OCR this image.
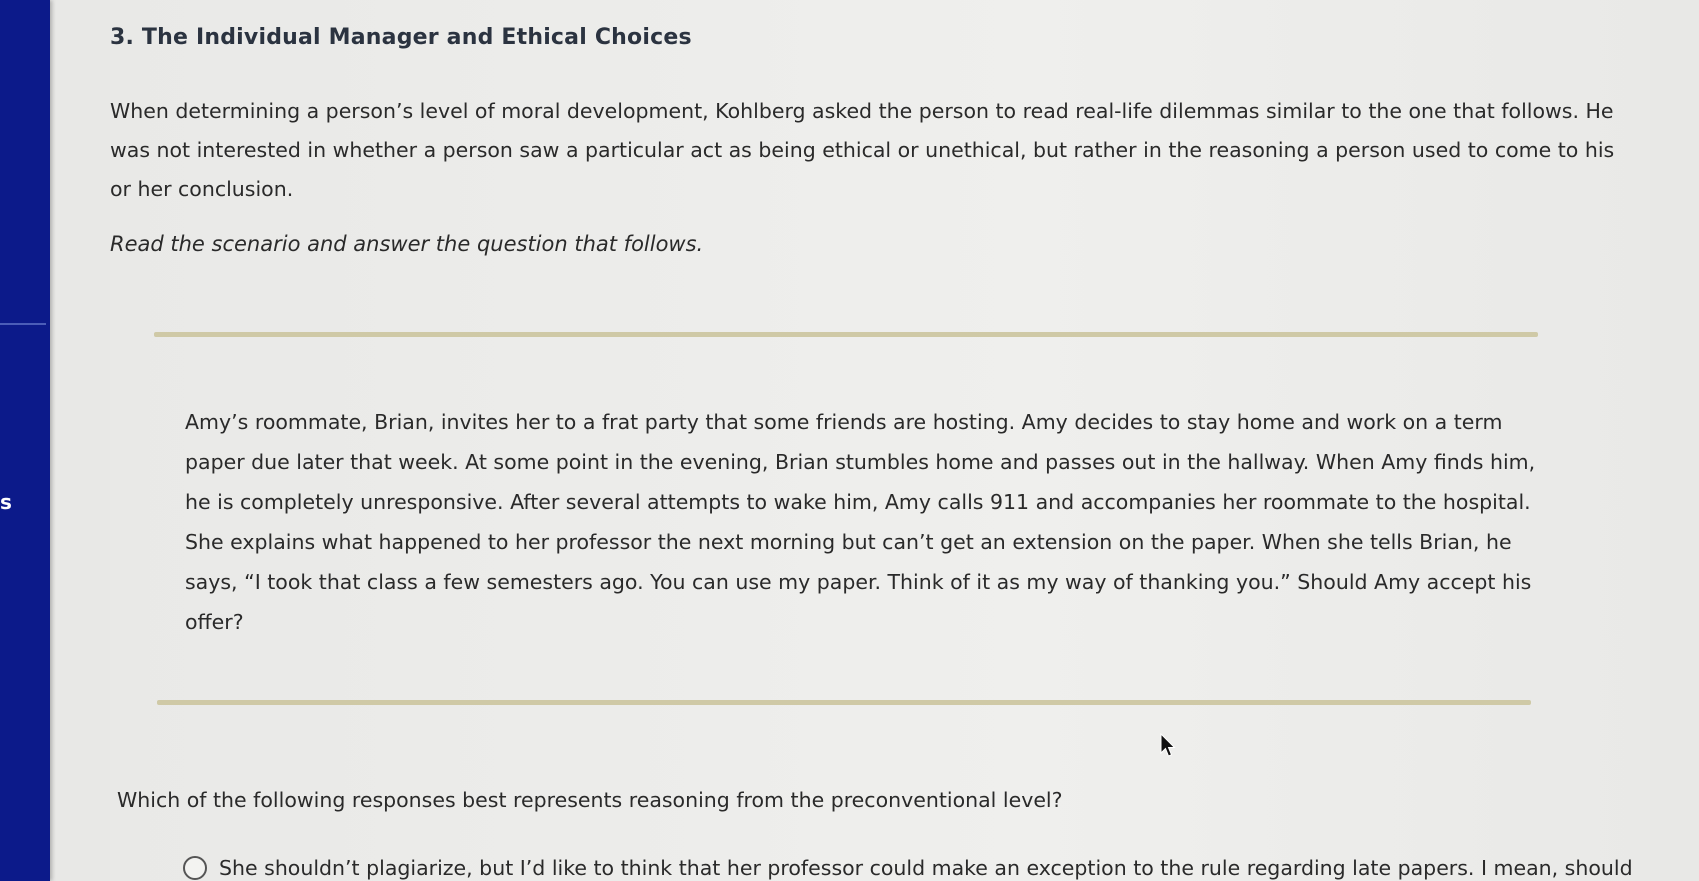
s
3. The Individual Manager and Ethical Choices
When determining a person’s level of moral development, Kohlberg asked the person to read real-life dilemmas similar to the one that follows. He was not interested in whether a person saw a particular act as being ethical or unethical, but rather in the reasoning a person used to come to his or her conclusion.
Read the scenario and answer the question that follows.
Amy’s roommate, Brian, invites her to a frat party that some friends are hosting. Amy decides to stay home and work on a term paper due later that week. At some point in the evening, Brian stumbles home and passes out in the hallway. When Amy finds him, he is completely unresponsive. After several attempts to wake him, Amy calls 911 and accompanies her roommate to the hospital. She explains what happened to her professor the next morning but can’t get an extension on the paper. When she tells Brian, he says, “I took that class a few semesters ago. You can use my paper. Think of it as my way of thanking you.” Should Amy accept his offer?
Which of the following responses best represents reasoning from the preconventional level?
She shouldn’t plagiarize, but I’d like to think that her professor could make an exception to the rule regarding late papers. I mean, should
